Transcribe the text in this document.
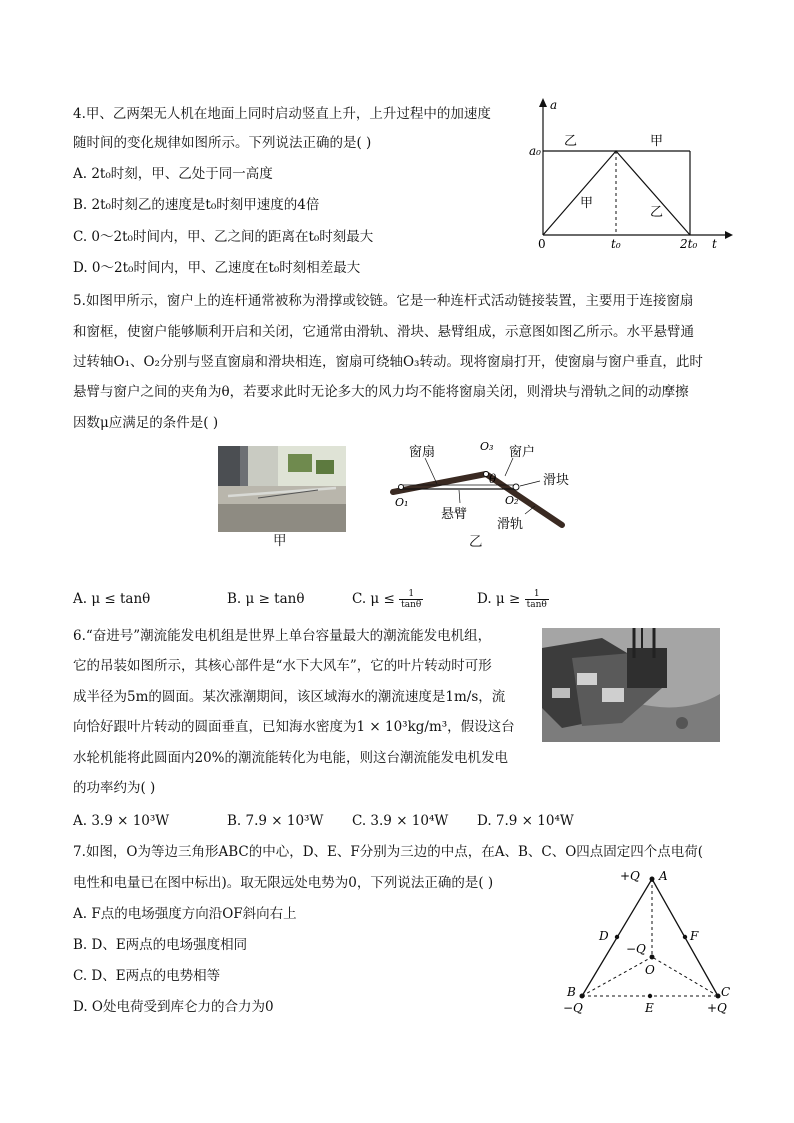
4.甲、乙两架无人机在地面上同时启动竖直上升，上升过程中的加速度
随时间的变化规律如图所示。下列说法正确的是( )
A. 2t₀时刻，甲、乙处于同一高度
B. 2t₀时刻乙的速度是t₀时刻甲速度的4倍
C. 0～2t₀时间内，甲、乙之间的距离在t₀时刻最大
D. 0～2t₀时间内，甲、乙速度在t₀时刻相差最大
a
a₀
0	t₀	2t₀ t
乙	甲
甲
乙
5.如图甲所示，窗户上的连杆通常被称为滑撑或铰链。它是一种连杆式活动链接装置，主要用于连接窗扇
和窗框，使窗户能够顺利开启和关闭，它通常由滑轨、滑块、悬臂组成，示意图如图乙所示。水平悬臂通
过转轴O₁、O₂分别与竖直窗扇和滑块相连，窗扇可绕轴O₃转动。现将窗扇打开，使窗扇与窗户垂直，此时
悬臂与窗户之间的夹角为θ，若要求此时无论多大的风力均不能将窗扇关闭，则滑块与滑轨之间的动摩擦
因数μ应满足的条件是( )
甲
窗扇	窗户
滑块
悬臂
滑轨
O₁	O₂
O₃
θ
乙
A. μ ≤ tanθ	B. μ ≥ tanθ	C. $\mu \le \frac{1}{\tan\theta}$	D. $\mu \ge \frac{1}{\tan\theta}$
6.“奋进号”潮流能发电机组是世界上单台容量最大的潮流能发电机组，
它的吊装如图所示，其核心部件是“水下大风车”，它的叶片转动时可形
成半径为5m的圆面。某次涨潮期间，该区域海水的潮流速度是1m/s，流
向恰好跟叶片转动的圆面垂直，已知海水密度为1 × 10³kg/m³，假设这台
水轮机能将此圆面内20%的潮流能转化为电能，则这台潮流能发电机发电
的功率约为( )
A. 3.9 × 10³W	B. 7.9 × 10³W C. 3.9 × 10⁴W D. 7.9 × 10⁴W
7.如图，O为等边三角形ABC的中心，D、E、F分别为三边的中点，在A、B、C、O四点固定四个点电荷(
电性和电量已在图中标出)。取无限远处电势为0，下列说法正确的是( )
A. F点的电场强度方向沿OF斜向右上
B. D、E两点的电场强度相同
C. D、E两点的电势相等
D. O处电荷受到库仑力的合力为0
+Q A
B
−Q
C
+Q
D	F
E
−Q
O
